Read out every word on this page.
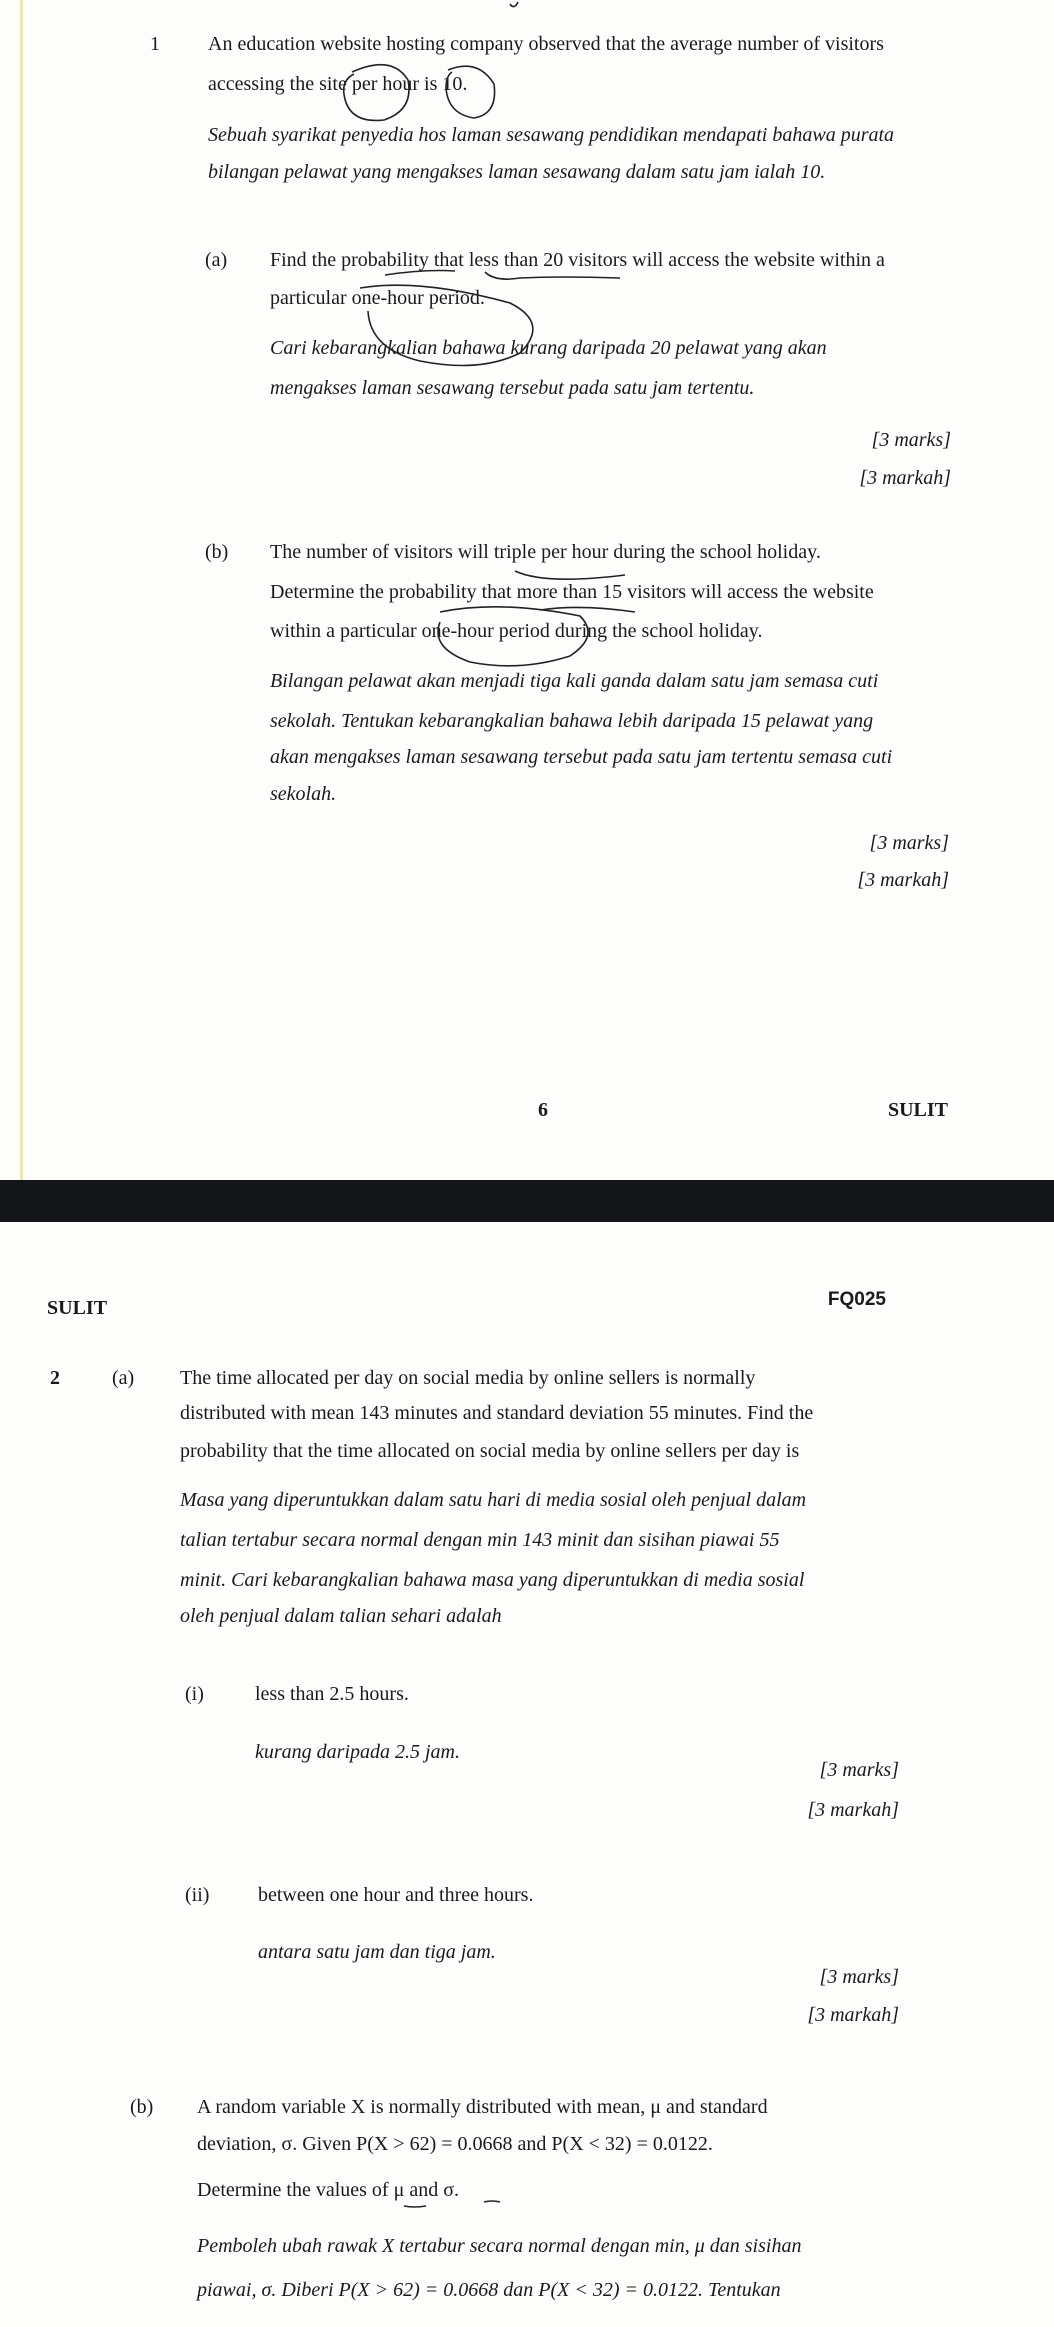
1 An education website hosting company observed that the average number of visitors
accessing the site per hour is 10.
Sebuah syarikat penyedia hos laman sesawang pendidikan mendapati bahawa purata
bilangan pelawat yang mengakses laman sesawang dalam satu jam ialah 10.
(a) Find the probability that less than 20 visitors will access the website within a
particular one-hour period.
Cari kebarangkalian bahawa kurang daripada 20 pelawat yang akan
mengakses laman sesawang tersebut pada satu jam tertentu.
[3 marks]
[3 markah]
(b) The number of visitors will triple per hour during the school holiday.
Determine the probability that more than 15 visitors will access the website
within a particular one-hour period during the school holiday.
Bilangan pelawat akan menjadi tiga kali ganda dalam satu jam semasa cuti
sekolah. Tentukan kebarangkalian bahawa lebih daripada 15 pelawat yang
akan mengakses laman sesawang tersebut pada satu jam tertentu semasa cuti
sekolah.
[3 marks]
[3 markah]
6	SULIT
SULIT	FQ025
2	(a) The time allocated per day on social media by online sellers is normally
distributed with mean 143 minutes and standard deviation 55 minutes. Find the
probability that the time allocated on social media by online sellers per day is
Masa yang diperuntukkan dalam satu hari di media sosial oleh penjual dalam
talian tertabur secara normal dengan min 143 minit dan sisihan piawai 55
minit. Cari kebarangkalian bahawa masa yang diperuntukkan di media sosial
oleh penjual dalam talian sehari adalah
(i)	less than 2.5 hours.
kurang daripada 2.5 jam.
[3 marks]
[3 markah]
(ii) between one hour and three hours.
antara satu jam dan tiga jam.
[3 marks]
[3 markah]
(b) A random variable X is normally distributed with mean, μ and standard
deviation, σ. Given P(X > 62) = 0.0668 and P(X < 32) = 0.0122.
Determine the values of μ and σ.
Pemboleh ubah rawak X tertabur secara normal dengan min, μ dan sisihan
piawai, σ. Diberi P(X > 62) = 0.0668 dan P(X < 32) = 0.0122. Tentukan
